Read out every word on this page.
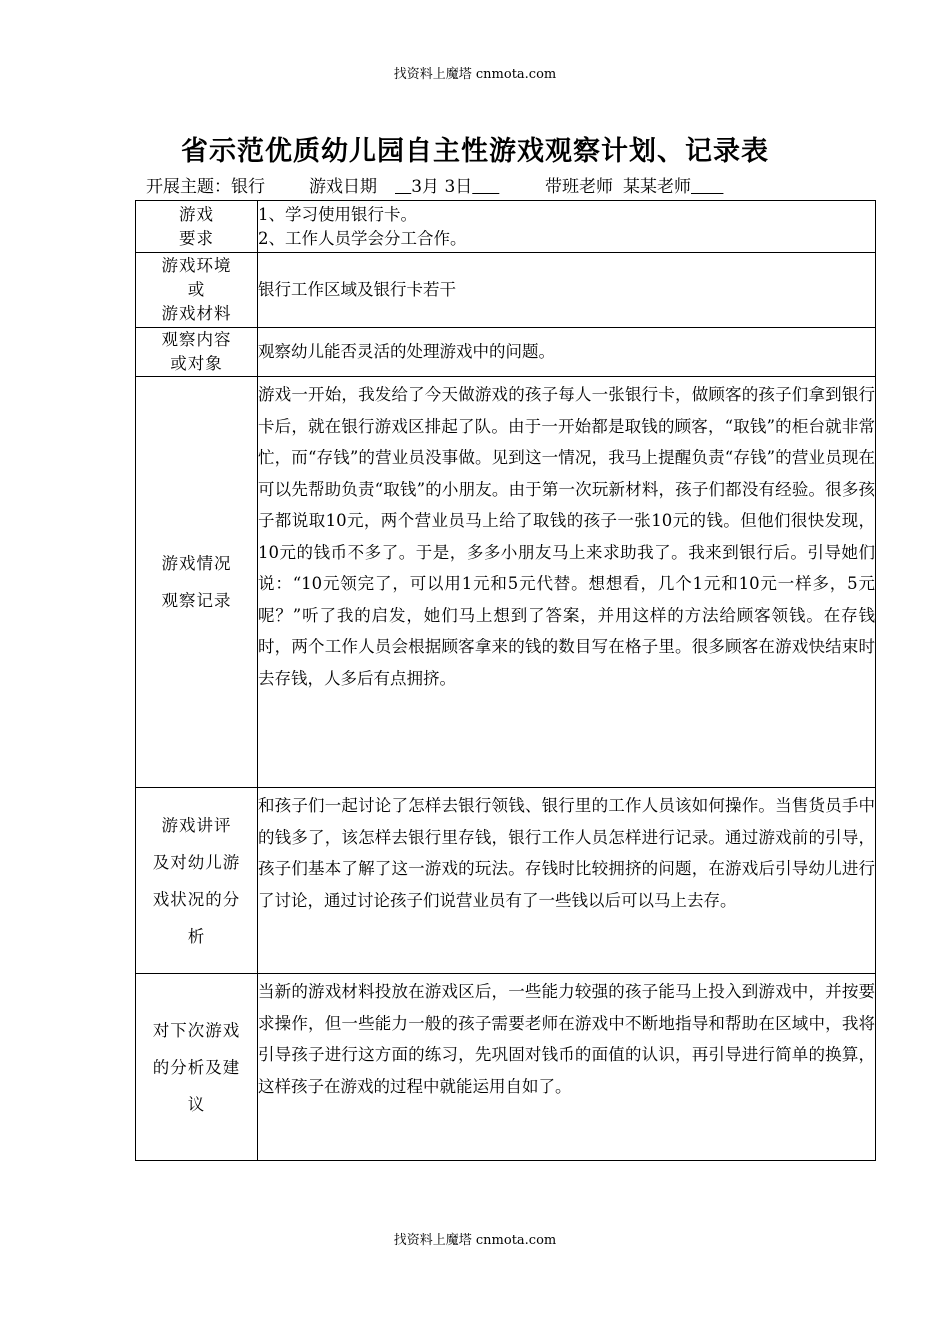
找资料上魔塔 cnmota.com
省示范优质幼儿园自主性游戏观察计划、记录表
开展主题：银行	游戏日期 3月 3日	带班老师 某某老师
游戏
要求	1、学习使用银行卡。
2、工作人员学会分工合作。

游戏环境
或
游戏材料	银行工作区域及银行卡若干

观察内容
或对象	观察幼儿能否灵活的处理游戏中的问题。

游戏情况
观察记录	游戏一开始，我发给了今天做游戏的孩子每人一张银行卡，做顾客的孩子们拿到银行卡后，就在银行游戏区排起了队。由于一开始都是取钱的顾客，“取钱”的柜台就非常忙，而“存钱”的营业员没事做。见到这一情况，我马上提醒负责“存钱”的营业员现在可以先帮助负责“取钱”的小朋友。由于第一次玩新材料，孩子们都没有经验。很多孩子都说取10元，两个营业员马上给了取钱的孩子一张10元的钱。但他们很快发现，10元的钱币不多了。于是，多多小朋友马上来求助我了。我来到银行后。引导她们说：“10元领完了，可以用1元和5元代替。想想看，几个1元和10元一样多，5元呢？”听了我的启发，她们马上想到了答案，并用这样的方法给顾客领钱。在存钱时，两个工作人员会根据顾客拿来的钱的数目写在格子里。很多顾客在游戏快结束时去存钱，人多后有点拥挤。

游戏讲评
及对幼儿游
戏状况的分
析	和孩子们一起讨论了怎样去银行领钱、银行里的工作人员该如何操作。当售货员手中的钱多了，该怎样去银行里存钱，银行工作人员怎样进行记录。通过游戏前的引导，孩子们基本了解了这一游戏的玩法。存钱时比较拥挤的问题，在游戏后引导幼儿进行了讨论，通过讨论孩子们说营业员有了一些钱以后可以马上去存。

对下次游戏
的分析及建
议	当新的游戏材料投放在游戏区后，一些能力较强的孩子能马上投入到游戏中，并按要求操作，但一些能力一般的孩子需要老师在游戏中不断地指导和帮助在区域中，我将引导孩子进行这方面的练习，先巩固对钱币的面值的认识，再引导进行简单的换算，这样孩子在游戏的过程中就能运用自如了。
找资料上魔塔 cnmota.com
